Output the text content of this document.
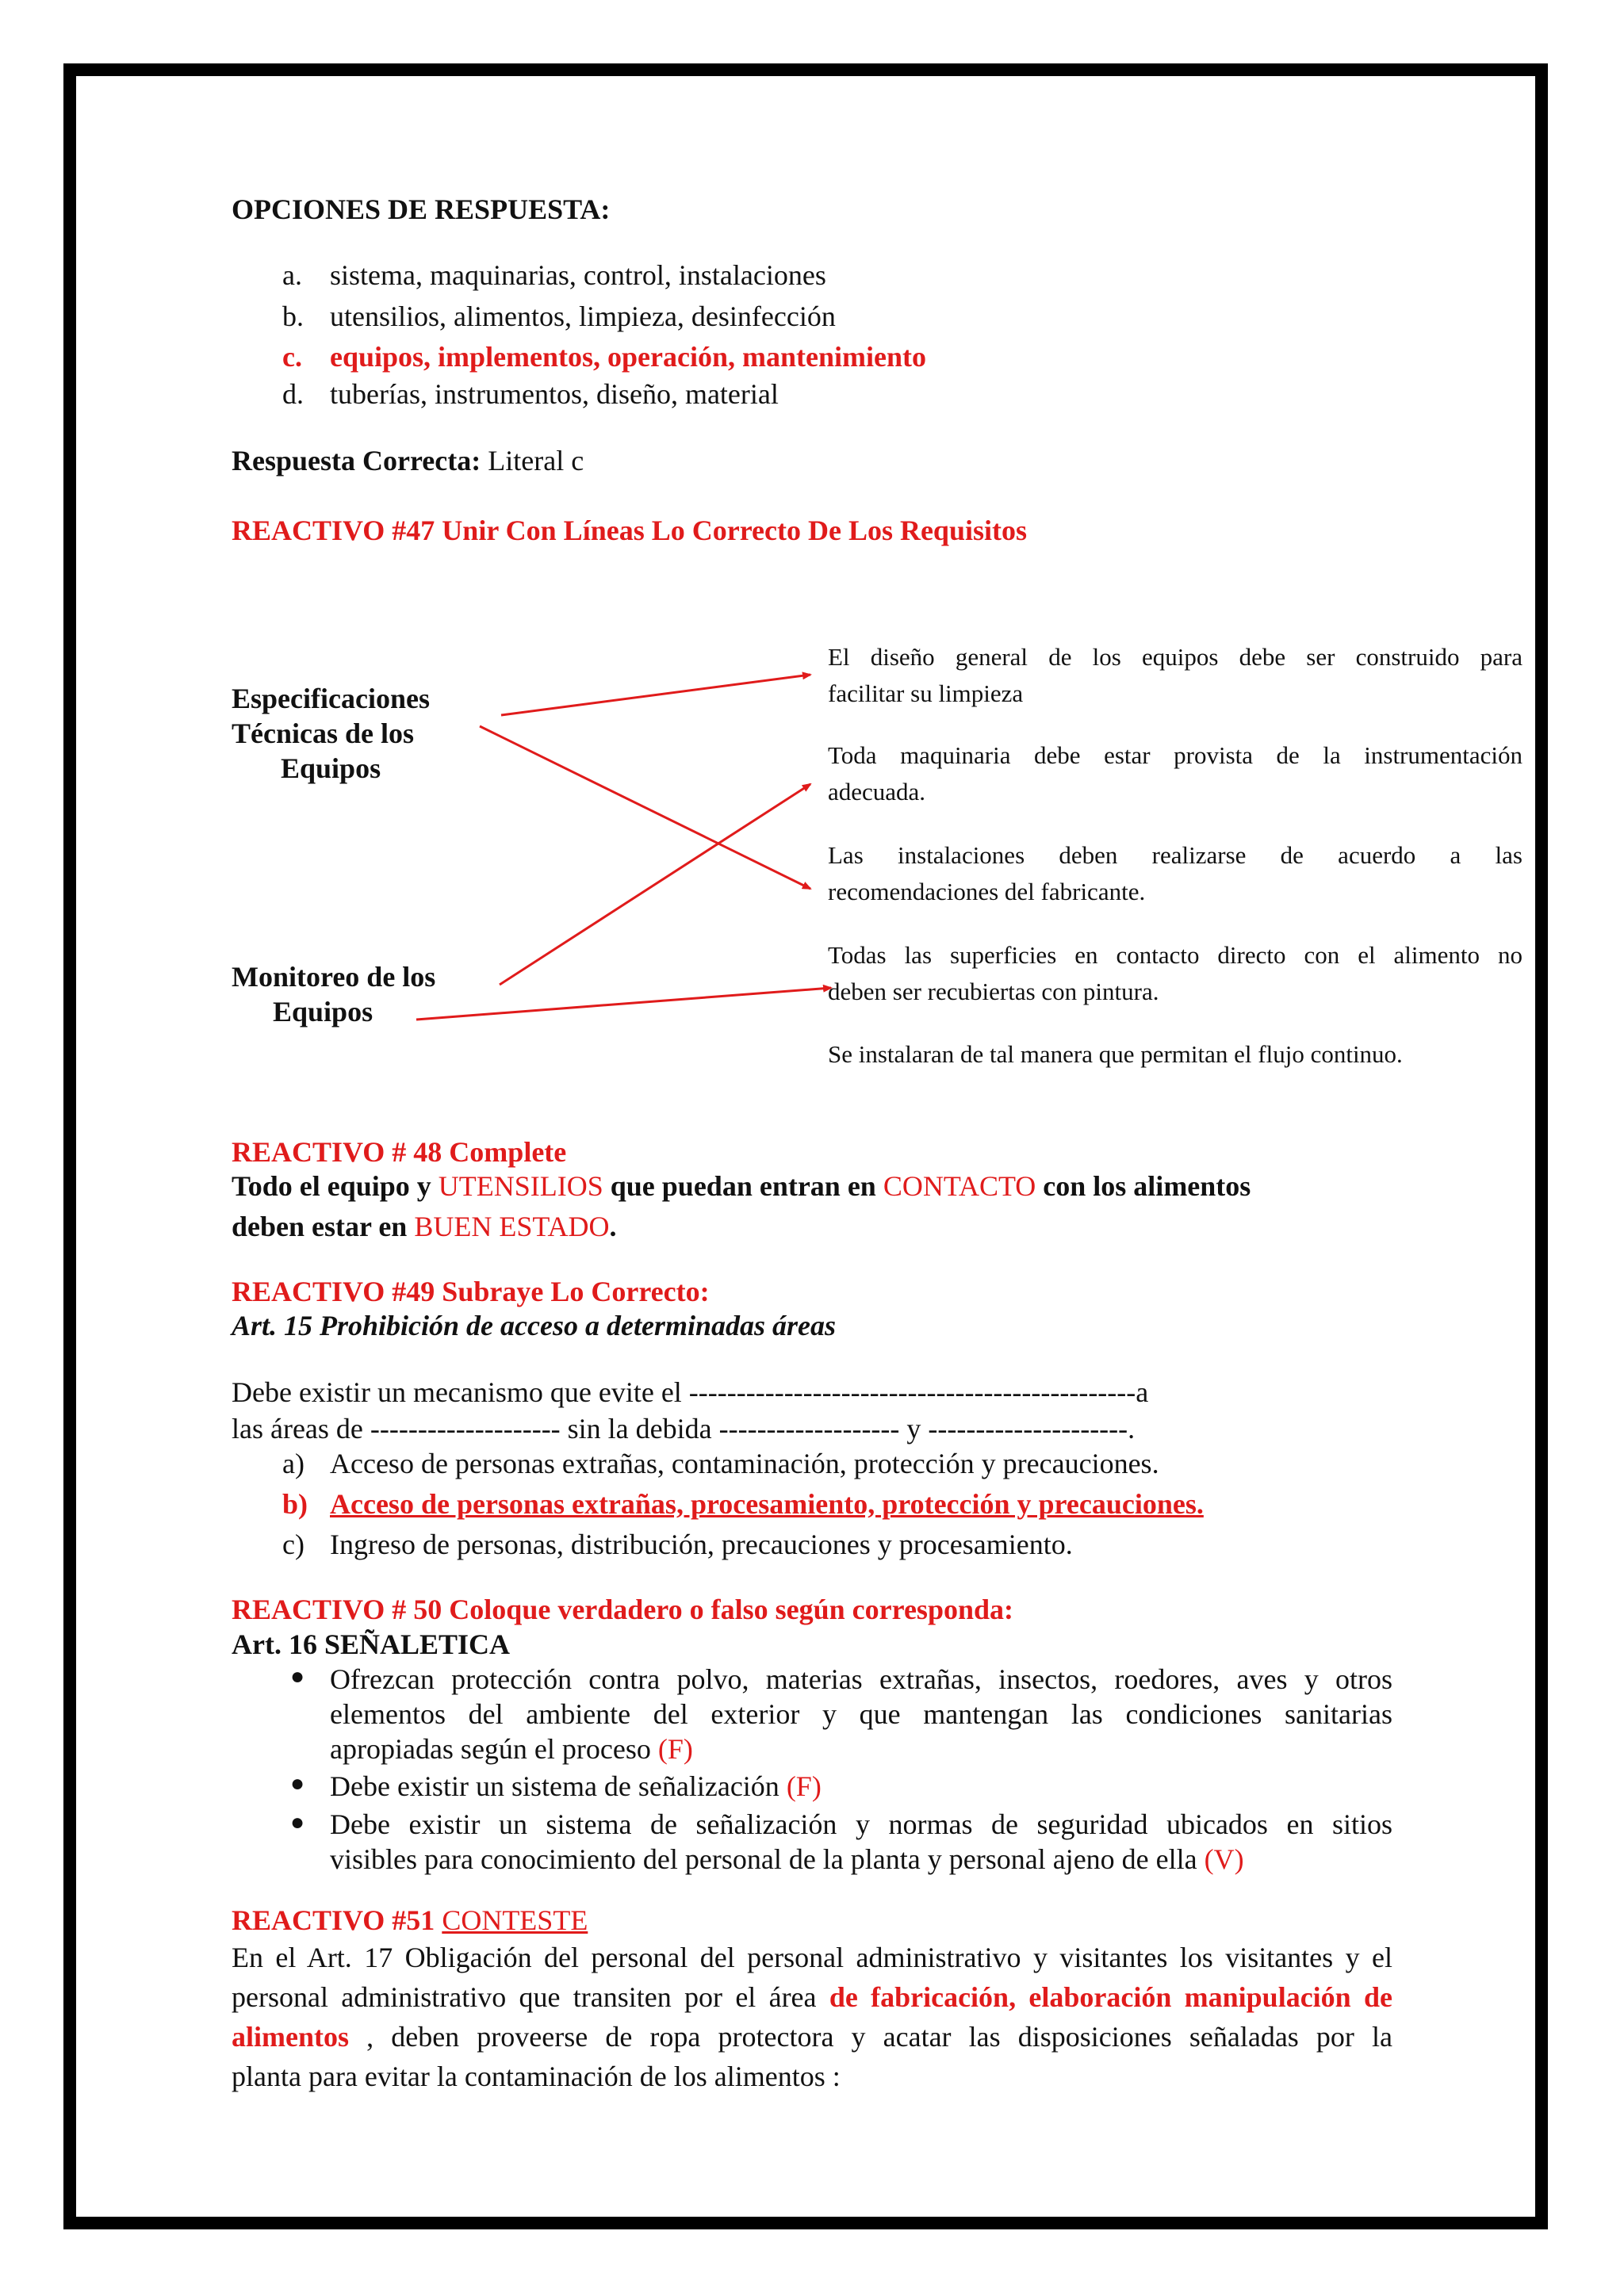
OPCIONES DE RESPUESTA:
a. sistema, maquinarias, control, instalaciones
b. utensilios, alimentos, limpieza, desinfección
c. equipos, implementos, operación, mantenimiento
d. tuberías, instrumentos, diseño, material
Respuesta Correcta: Literal c
REACTIVO #47 Unir Con Líneas Lo Correcto De Los Requisitos
Especificaciones
Técnicas de los
Equipos
Monitoreo de los
Equipos
El diseño general de los equipos debe ser construido para
facilitar su limpieza
Toda maquinaria debe estar provista de la instrumentación
adecuada.
Las instalaciones deben realizarse de acuerdo a las
recomendaciones del fabricante.
Todas las superficies en contacto directo con el alimento no
deben ser recubiertas con pintura.
Se instalaran de tal manera que permitan el flujo continuo.
REACTIVO # 48 Complete
Todo el equipo y UTENSILIOS que puedan entran en CONTACTO con los alimentos
deben estar en BUEN ESTADO.
REACTIVO #49 Subraye Lo Correcto:
Art. 15 Prohibición de acceso a determinadas áreas
Debe existir un mecanismo que evite el -----------------------------------------------a
las áreas de -------------------- sin la debida ------------------- y ---------------------.
a) Acceso de personas extrañas, contaminación, protección y precauciones.
b) Acceso de personas extrañas, procesamiento, protección y precauciones.
c) Ingreso de personas, distribución, precauciones y procesamiento.
REACTIVO # 50 Coloque verdadero o falso según corresponda:
Art. 16 SEÑALETICA
● Ofrezcan protección contra polvo, materias extrañas, insectos, roedores, aves y otros
elementos del ambiente del exterior y que mantengan las condiciones sanitarias
apropiadas según el proceso (F)
● Debe existir un sistema de señalización (F)
● Debe existir un sistema de señalización y normas de seguridad ubicados en sitios
visibles para conocimiento del personal de la planta y personal ajeno de ella (V)
REACTIVO #51 CONTESTE
En el Art. 17 Obligación del personal del personal administrativo y visitantes los visitantes y el
personal administrativo que transiten por el área de fabricación, elaboración manipulación de
alimentos , deben proveerse de ropa protectora y acatar las disposiciones señaladas por la
planta para evitar la contaminación de los alimentos :
